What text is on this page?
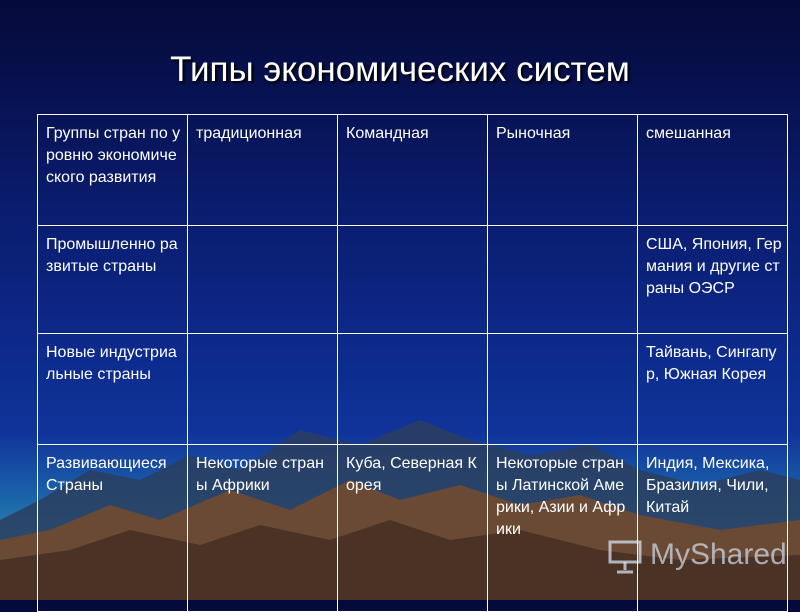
Типы экономических систем
Группы стран по уровню экономического развития	традиционная	Командная	Рыночная	смешанная
Промышленно развитые страны				США, Япония, Германия и другие страны ОЭСР
Новые индустриальные страны				Тайвань, Сингапур, Южная Корея
Развивающиеся Страны	Некоторые страны Африки	Куба, Северная Корея	Некоторые страны Латинской Америки, Азии и Африки	Индия, Мексика, Бразилия, Чили, Китай
MyShared
